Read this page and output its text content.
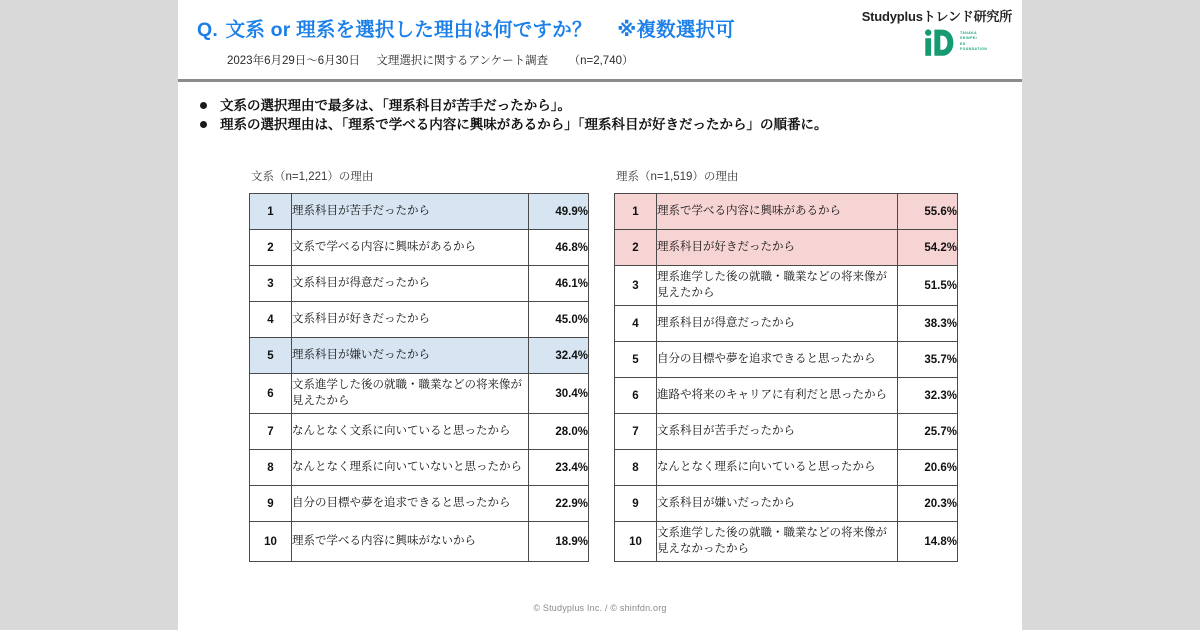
Q. 文系 or 理系を選択した理由は何ですか？ ※複数選択可
2023年6月29日～6月30日 文理選択に関するアンケート調査 （n=2,740）
Studyplusトレンド研究所
TANAKA
SHINPEI
ED
FOUNDATION
文系の選択理由で最多は、「理系科目が苦手だったから」。
理系の選択理由は、「理系で学べる内容に興味があるから」「理系科目が好きだったから」の順番に。
文系（n=1,221）の理由
1	理系科目が苦手だったから	49.9%
2	文系で学べる内容に興味があるから	46.8%
3	文系科目が得意だったから	46.1%
4	文系科目が好きだったから	45.0%
5	理系科目が嫌いだったから	32.4%
6	文系進学した後の就職・職業などの将来像が見えたから	30.4%
7	なんとなく文系に向いていると思ったから	28.0%
8	なんとなく理系に向いていないと思ったから	23.4%
9	自分の目標や夢を追求できると思ったから	22.9%
10	理系で学べる内容に興味がないから	18.9%
理系（n=1,519）の理由
1	理系で学べる内容に興味があるから	55.6%
2	理系科目が好きだったから	54.2%
3	理系進学した後の就職・職業などの将来像が見えたから	51.5%
4	理系科目が得意だったから	38.3%
5	自分の目標や夢を追求できると思ったから	35.7%
6	進路や将来のキャリアに有利だと思ったから	32.3%
7	文系科目が苦手だったから	25.7%
8	なんとなく理系に向いていると思ったから	20.6%
9	文系科目が嫌いだったから	20.3%
10	文系進学した後の就職・職業などの将来像が見えなかったから	14.8%
© Studyplus Inc. / © shinfdn.org
